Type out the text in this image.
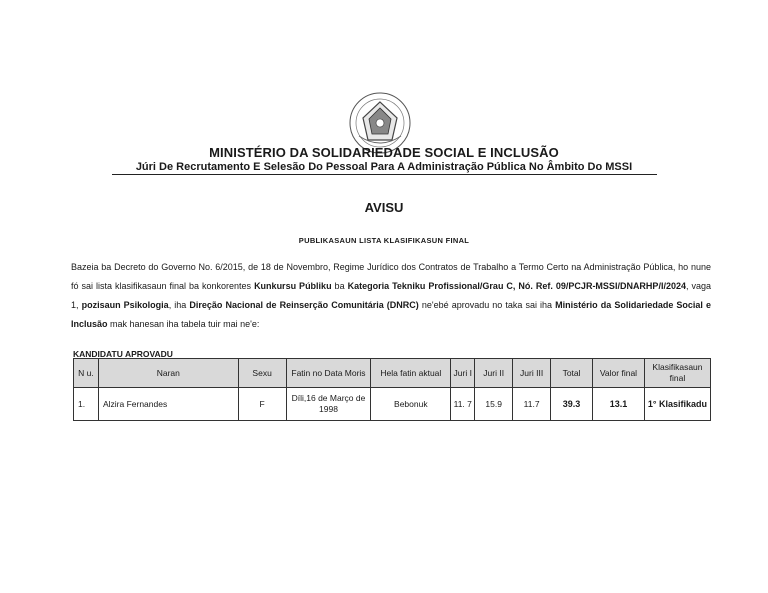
MINISTÉRIO DA SOLIDARIEDADE SOCIAL E INCLUSÃO
Júri De Recrutamento E Selesão Do Pessoal Para A Administração Pública No Âmbito Do MSSI
AVISU
PUBLIKASAUN LISTA KLASIFIKASUN FINAL
Bazeia ba Decreto do Governo No. 6/2015, de 18 de Novembro, Regime Jurídico dos Contratos de Trabalho a Termo Certo na Administração Pública, ho nune fó sai lista klasifikasaun final ba konkorentes Kunkursu Públiku ba Kategoria Tekniku Profissional/Grau C, Nó. Ref. 09/PCJR-MSSI/DNARHP/I/2024, vaga 1, pozisaun Psikologia, iha Direção Nacional de Reinserção Comunitária (DNRC) ne'ebé aprovadu no taka sai iha Ministério da Solidariedade Social e Inclusão mak hanesan iha tabela tuir mai ne'e:
KANDIDATU APROVADU
N u.	Naran	Sexu	Fatin no Data Moris	Hela fatin aktual	Juri I	Juri II	Juri III	Total	Valor final	Klasifikasaun final
1.	Alzira Fernandes	F	Díli,16 de Março de 1998	Bebonuk	11. 7	15.9	11.7	39.3	13.1	1° Klasifikadu
